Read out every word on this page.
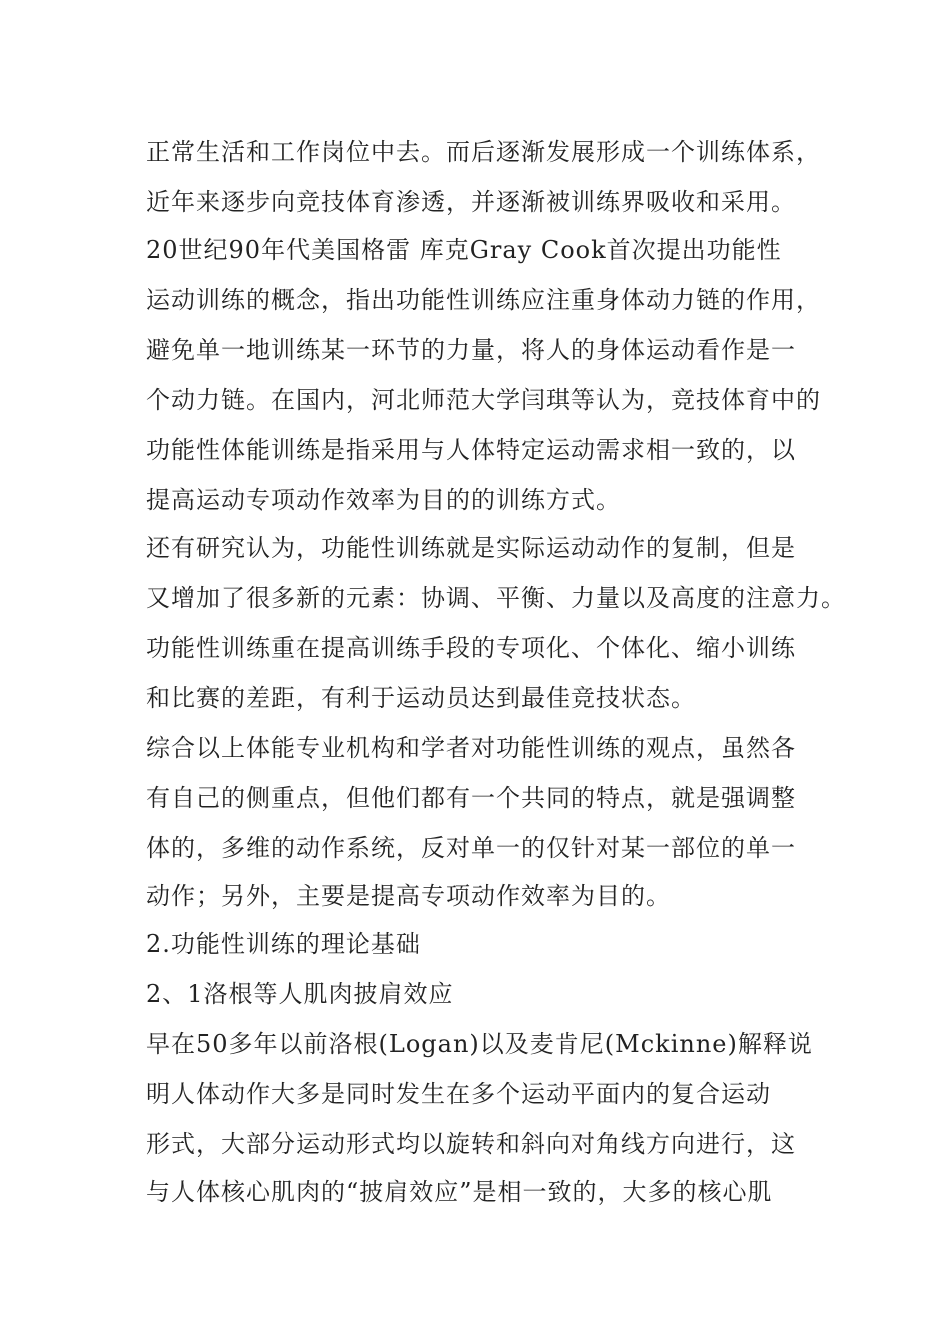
正常生活和工作岗位中去。而后逐渐发展形成一个训练体系，
近年来逐步向竞技体育渗透，并逐渐被训练界吸收和采用。
20世纪90年代美国格雷 库克Gray Cook首次提出功能性
运动训练的概念，指出功能性训练应注重身体动力链的作用，
避免单一地训练某一环节的力量，将人的身体运动看作是一
个动力链。在国内，河北师范大学闫琪等认为，竞技体育中的
功能性体能训练是指采用与人体特定运动需求相一致的，以
提高运动专项动作效率为目的的训练方式。
还有研究认为，功能性训练就是实际运动动作的复制，但是
又增加了很多新的元素：协调、平衡、力量以及高度的注意力。
功能性训练重在提高训练手段的专项化、个体化、缩小训练
和比赛的差距，有利于运动员达到最佳竞技状态。
综合以上体能专业机构和学者对功能性训练的观点，虽然各
有自己的侧重点，但他们都有一个共同的特点，就是强调整
体的，多维的动作系统，反对单一的仅针对某一部位的单一
动作；另外，主要是提高专项动作效率为目的。
2.功能性训练的理论基础
2、1洛根等人肌肉披肩效应
早在50多年以前洛根(Logan)以及麦肯尼(Mckinne)解释说
明人体动作大多是同时发生在多个运动平面内的复合运动
形式，大部分运动形式均以旋转和斜向对角线方向进行，这
与人体核心肌肉的“披肩效应”是相一致的，大多的核心肌
